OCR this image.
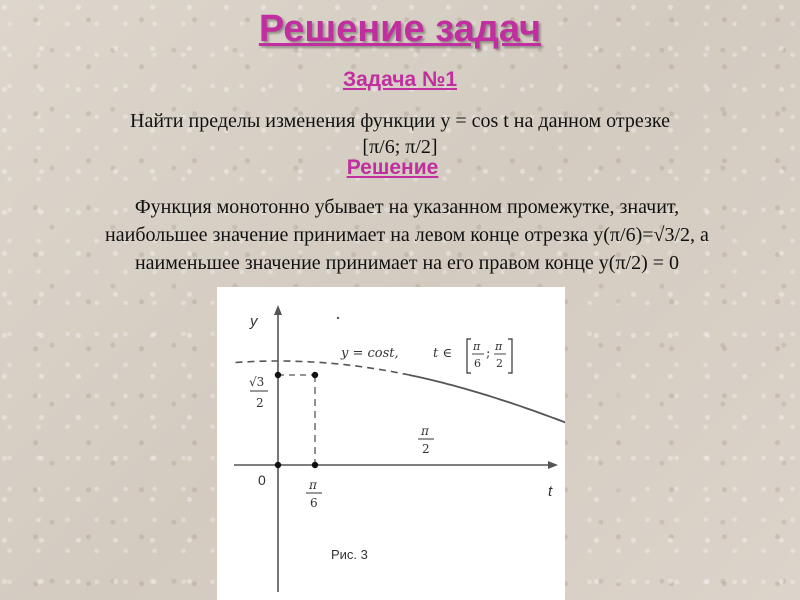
Решение задач
Задача №1
Найти пределы изменения функции y = cos t на данном отрезке
[π/6; π/2]
Решение
Функция монотонно убывает на указанном промежутке, значит,
наибольшее значение принимает на левом конце отрезка y(π/6)=√3/2, а
наименьшее значение принимает на его правом конце y(π/2) = 0
y
t
0
√3
2
π
6
π
2
y = cost,	t ∈ π
6
; π
2
Рис. 3
